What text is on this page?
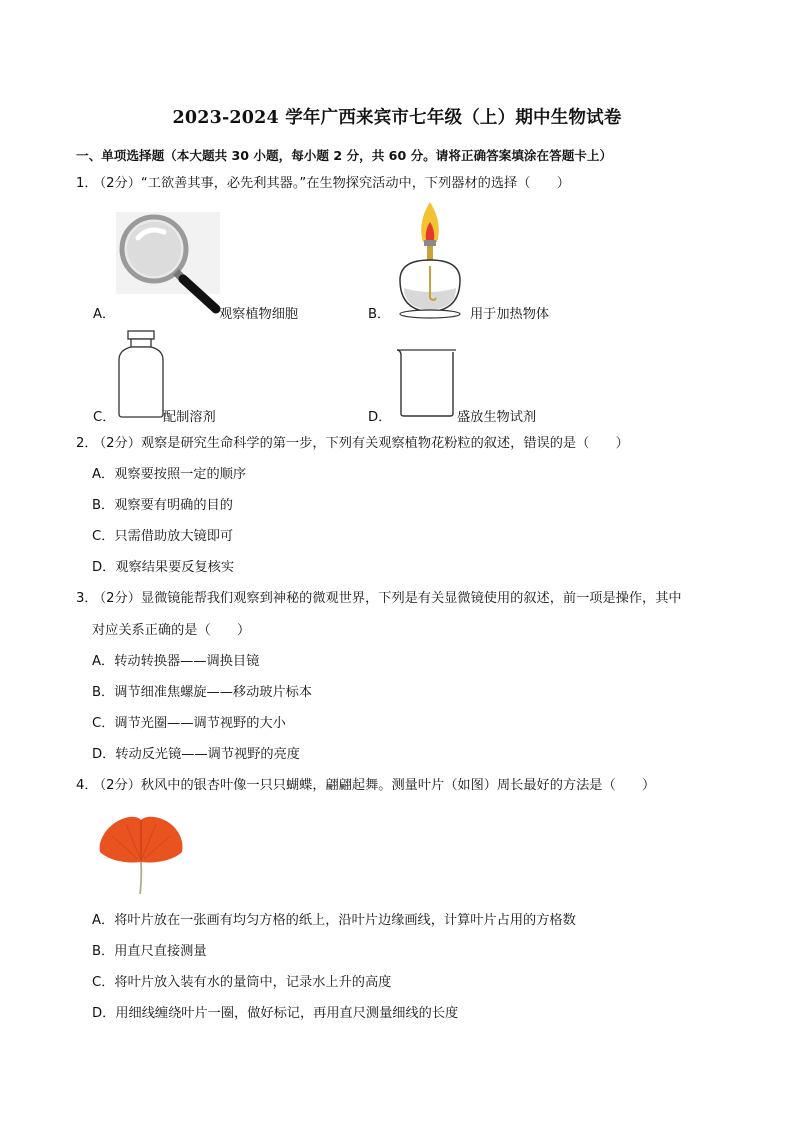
2023-2024 学年广西来宾市七年级（上）期中生物试卷
一、单项选择题（本大题共 30 小题，每小题 2 分，共 60 分。请将正确答案填涂在答题卡上）
1． （2分）“工欲善其事，必先利其器。”在生物探究活动中，下列器材的选择（　　）
A．	观察植物细胞	B．	用于加热物体
C．	配制溶剂	D．	盛放生物试剂
2． （2分）观察是研究生命科学的第一步，下列有关观察植物花粉粒的叙述，错误的是（　　）
A．观察要按照一定的顺序
B．观察要有明确的目的
C．只需借助放大镜即可
D．观察结果要反复核实
3． （2分）显微镜能帮我们观察到神秘的微观世界，下列是有关显微镜使用的叙述，前一项是操作，其中
对应关系正确的是（　　）
A．转动转换器——调换目镜
B．调节细准焦螺旋——移动玻片标本
C．调节光圈——调节视野的大小
D．转动反光镜——调节视野的亮度
4． （2分）秋风中的银杏叶像一只只蝴蝶，翩翩起舞。测量叶片（如图）周长最好的方法是（　　）
A．将叶片放在一张画有均匀方格的纸上，沿叶片边缘画线，计算叶片占用的方格数
B．用直尺直接测量
C．将叶片放入装有水的量筒中，记录水上升的高度
D．用细线缠绕叶片一圈，做好标记，再用直尺测量细线的长度
